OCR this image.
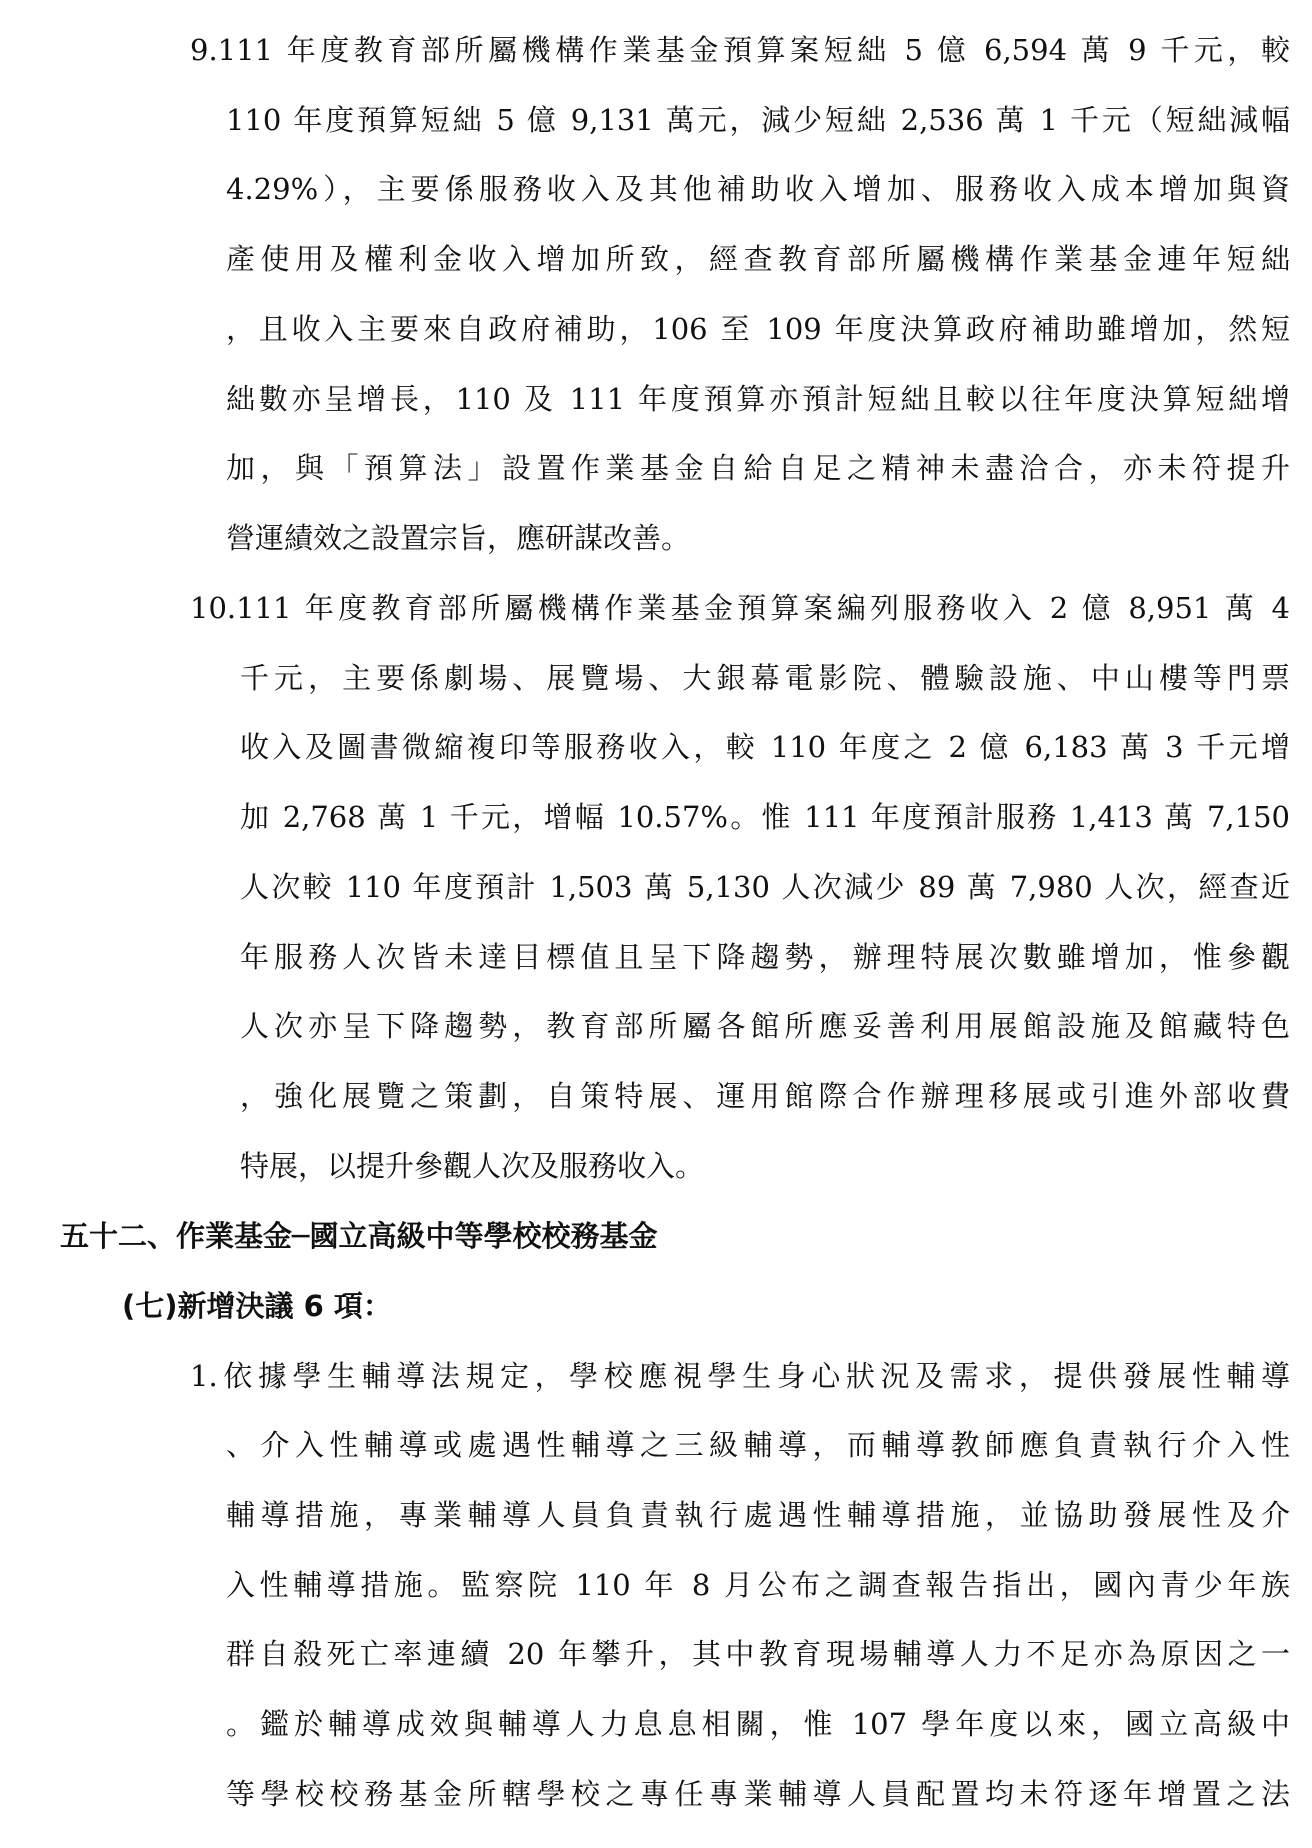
9.111 年度教育部所屬機構作業基金預算案短絀 5 億 6,594 萬 9 千元，較

110 年度預算短絀 5 億 9,131 萬元，減少短絀 2,536 萬 1 千元（短絀減幅

4.29%），主要係服務收入及其他補助收入增加、服務收入成本增加與資

產使用及權利金收入增加所致，經查教育部所屬機構作業基金連年短絀

，且收入主要來自政府補助，106 至 109 年度決算政府補助雖增加，然短

絀數亦呈增長，110 及 111 年度預算亦預計短絀且較以往年度決算短絀增

加，與「預算法」設置作業基金自給自足之精神未盡洽合，亦未符提升

營運績效之設置宗旨，應研謀改善。

10.111 年度教育部所屬機構作業基金預算案編列服務收入 2 億 8,951 萬 4

千元，主要係劇場、展覽場、大銀幕電影院、體驗設施、中山樓等門票

收入及圖書微縮複印等服務收入，較 110 年度之 2 億 6,183 萬 3 千元增

加 2,768 萬 1 千元，增幅 10.57%。惟 111 年度預計服務 1,413 萬 7,150

人次較 110 年度預計 1,503 萬 5,130 人次減少 89 萬 7,980 人次，經查近

年服務人次皆未達目標值且呈下降趨勢，辦理特展次數雖增加，惟參觀

人次亦呈下降趨勢，教育部所屬各館所應妥善利用展館設施及館藏特色

，強化展覽之策劃，自策特展、運用館際合作辦理移展或引進外部收費

特展，以提升參觀人次及服務收入。

五十二、作業基金─國立高級中等學校校務基金

(七)新增決議 6 項：

1.依據學生輔導法規定，學校應視學生身心狀況及需求，提供發展性輔導

、介入性輔導或處遇性輔導之三級輔導，而輔導教師應負責執行介入性

輔導措施，專業輔導人員負責執行處遇性輔導措施，並協助發展性及介

入性輔導措施。監察院 110 年 8 月公布之調查報告指出，國內青少年族

群自殺死亡率連續 20 年攀升，其中教育現場輔導人力不足亦為原因之一

。鑑於輔導成效與輔導人力息息相關，惟 107 學年度以來，國立高級中

等學校校務基金所轄學校之專任專業輔導人員配置均未符逐年增置之法
